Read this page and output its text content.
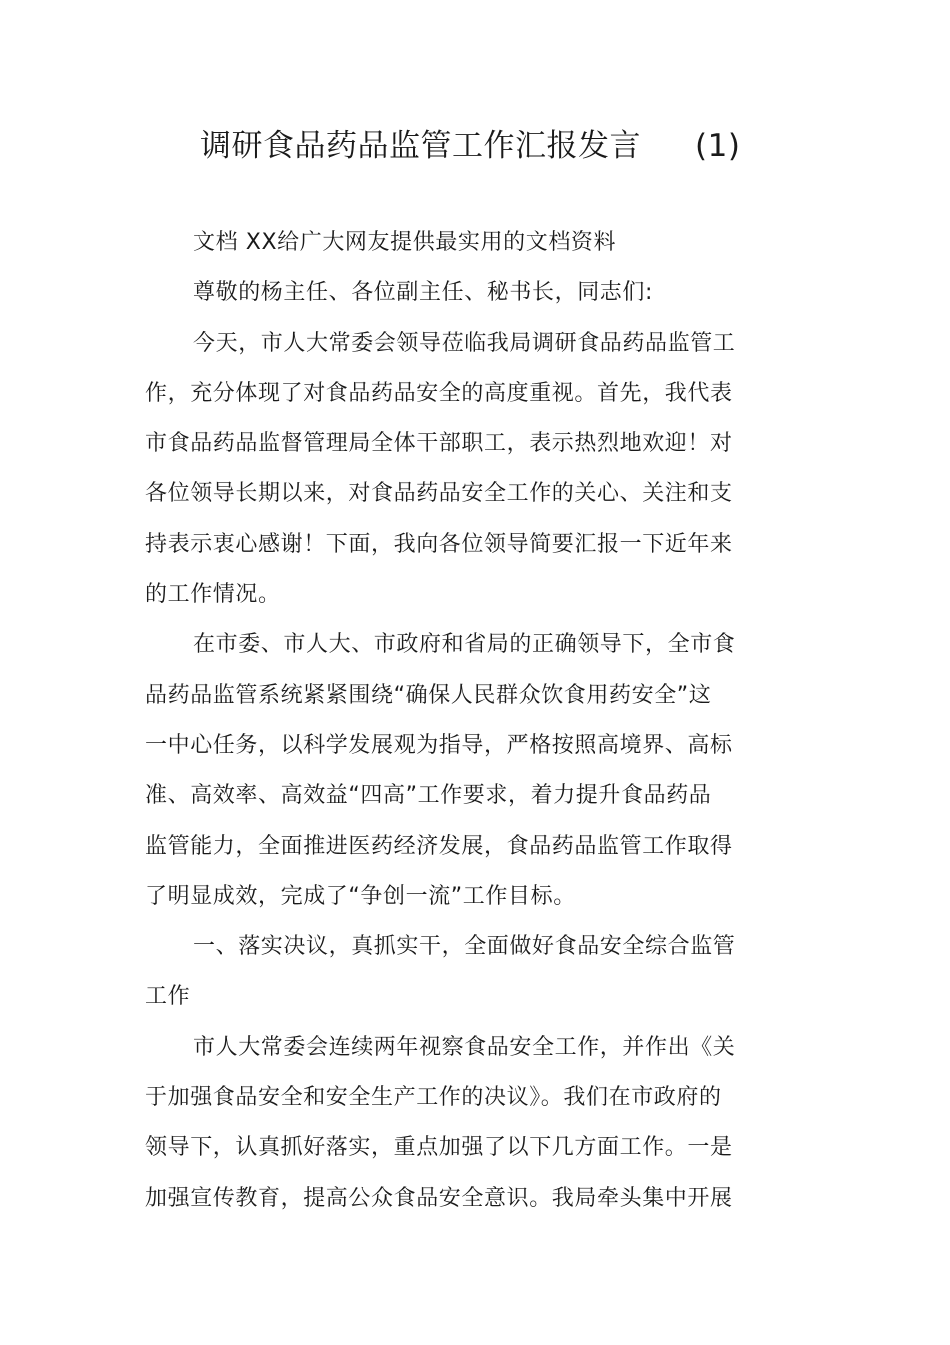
调研食品药品监管工作汇报发言 (1)
文档 XX给广大网友提供最实用的文档资料
尊敬的杨主任、各位副主任、秘书长，同志们:
今天，市人大常委会领导莅临我局调研食品药品监管工
作，充分体现了对食品药品安全的高度重视。首先，我代表
市食品药品监督管理局全体干部职工，表示热烈地欢迎！对
各位领导长期以来，对食品药品安全工作的关心、关注和支
持表示衷心感谢！下面，我向各位领导简要汇报一下近年来
的工作情况。
在市委、市人大、市政府和省局的正确领导下，全市食
品药品监管系统紧紧围绕“确保人民群众饮食用药安全”这
一中心任务，以科学发展观为指导，严格按照高境界、高标
准、高效率、高效益“四高”工作要求，着力提升食品药品
监管能力，全面推进医药经济发展，食品药品监管工作取得
了明显成效，完成了“争创一流”工作目标。
一、落实决议，真抓实干，全面做好食品安全综合监管
工作
市人大常委会连续两年视察食品安全工作，并作出《关
于加强食品安全和安全生产工作的决议》。我们在市政府的
领导下，认真抓好落实，重点加强了以下几方面工作。一是
加强宣传教育，提高公众食品安全意识。我局牵头集中开展
